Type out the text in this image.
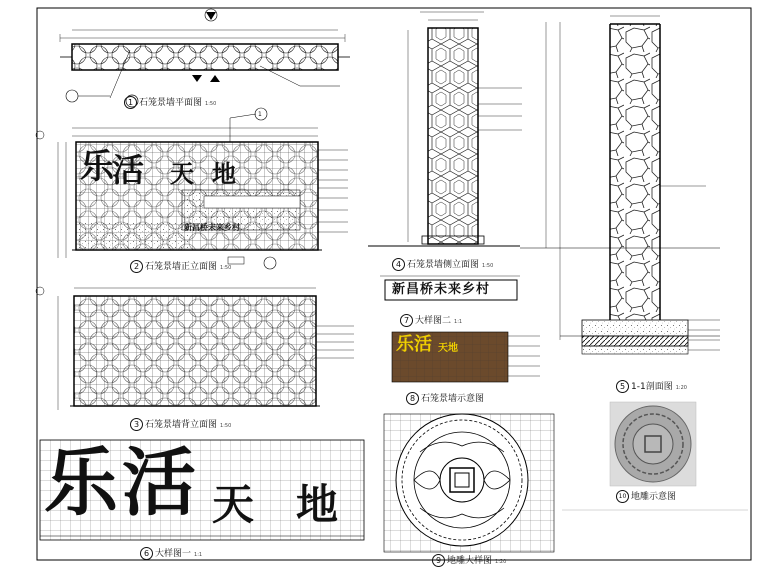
乐
活 天 地
新昌桥未来乡村
新昌桥未来乡村
乐活 天地
乐 活 天 地
1 石笼景墙平面图 1:50
2 石笼景墙正立面图 1:50
3 石笼景墙背立面图 1:50
4 石笼景墙侧立面图 1:50
5 1-1剖面图 1:20
6 大样图一 1:1
7 大样图二 1:1
8 石笼景墙示意图
9 地雕大样图 1:20
10 地雕示意图
1
1
